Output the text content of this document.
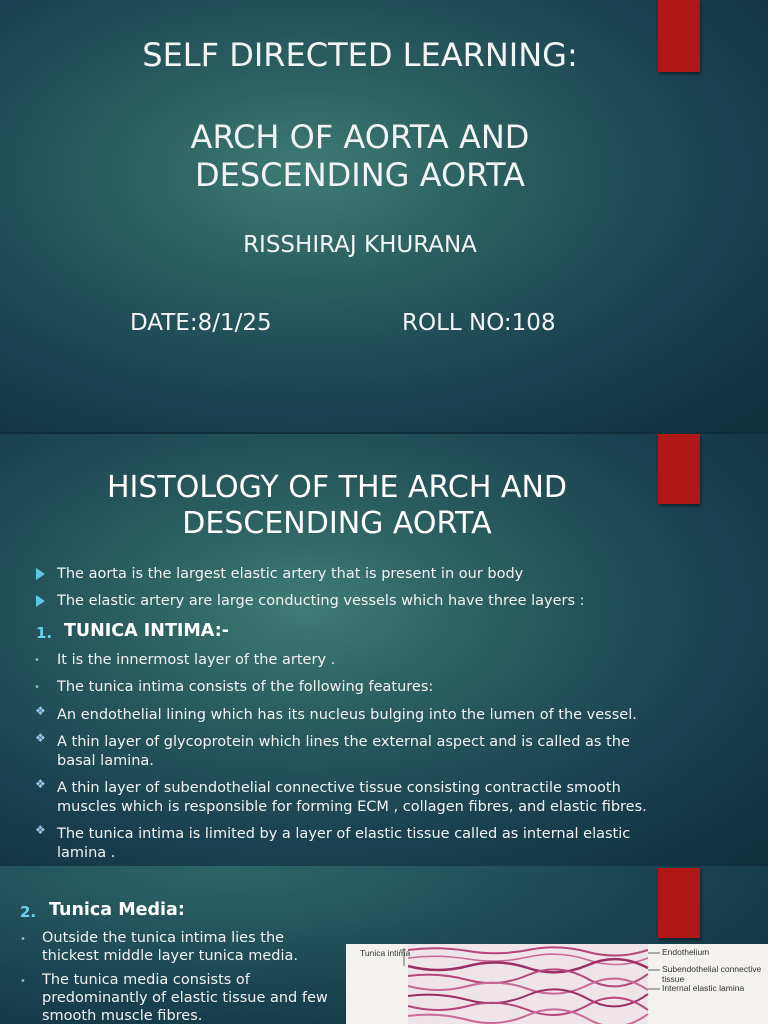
SELF DIRECTED LEARNING:
ARCH OF AORTA AND
DESCENDING AORTA
RISSHIRAJ KHURANA
DATE:8/1/25	ROLL NO:108
HISTOLOGY OF THE ARCH AND
DESCENDING AORTA
The aorta is the largest elastic artery that is present in our body
The elastic artery are large conducting vessels which have three layers :
1. TUNICA INTIMA:-
• It is the innermost layer of the artery .
• The tunica intima consists of the following features:
❖ An endothelial lining which has its nucleus bulging into the lumen of the vessel.
❖ A thin layer of glycoprotein which lines the external aspect and is called as the
basal lamina.
❖ A thin layer of subendothelial connective tissue consisting contractile smooth
muscles which is responsible for forming ECM , collagen fibres, and elastic fibres.
❖ The tunica intima is limited by a layer of elastic tissue called as internal elastic
lamina .
2. Tunica Media:
• Outside the tunica intima lies the
thickest middle layer tunica media.
• The tunica media consists of
predominantly of elastic tissue and few
smooth muscle fibres.
Tunica intima	Endothelium
Subendothelial connective tissue
Internal elastic lamina
